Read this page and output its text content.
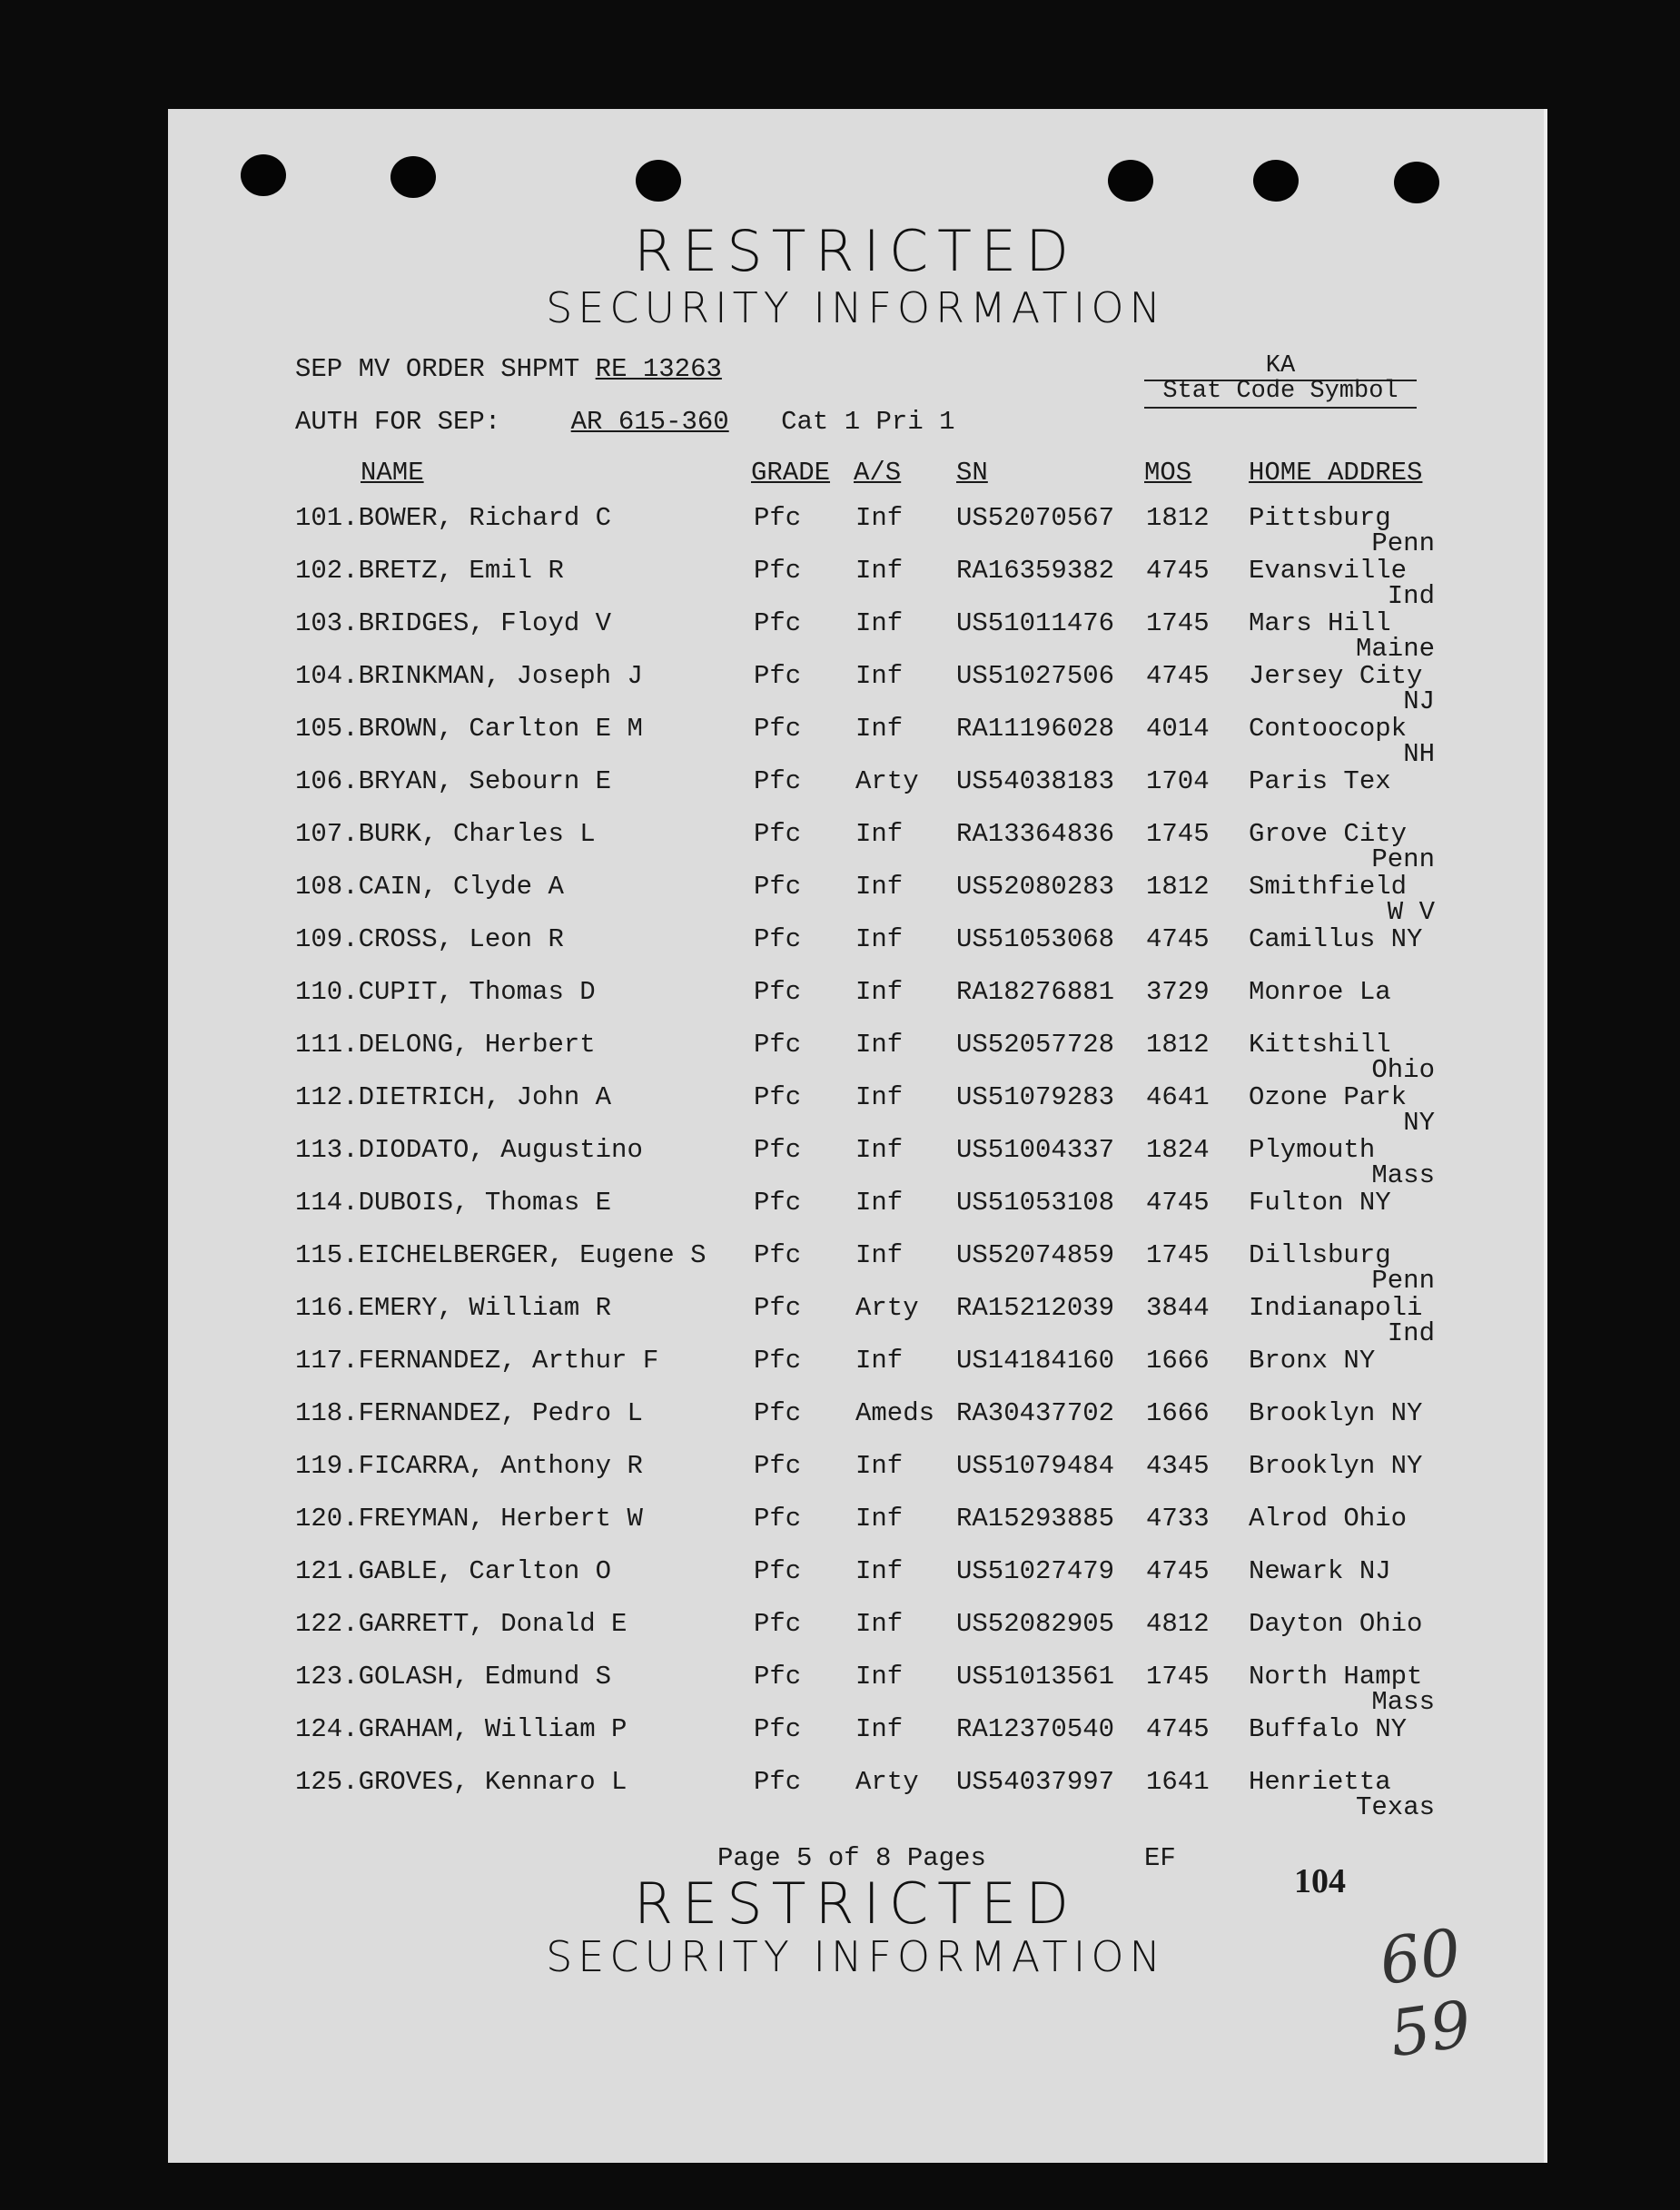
RESTRICTED
SECURITY INFORMATION
SEP MV ORDER SHPMT RE 13263
AUTH FOR SEP:	AR 615-360 Cat 1 Pri 1
KA
Stat Code Symbol
NAME	GRADE A/S SN	MOS HOME ADDRES
101.BOWER, Richard C	Pfc Inf US52070567 1812 Pittsburg
Penn
102.BRETZ, Emil R	Pfc Inf RA16359382 4745 Evansville
Ind
103.BRIDGES, Floyd V	Pfc Inf US51011476 1745 Mars Hill
Maine
104.BRINKMAN, Joseph J	Pfc Inf US51027506 4745 Jersey City
NJ
105.BROWN, Carlton E M	Pfc Inf RA11196028 4014 Contoocopk
NH
106.BRYAN, Sebourn E	Pfc Arty US54038183 1704 Paris Tex
107.BURK, Charles L	Pfc Inf RA13364836 1745 Grove City
Penn
108.CAIN, Clyde A	Pfc Inf US52080283 1812 Smithfield
W V
109.CROSS, Leon R	Pfc Inf US51053068 4745 Camillus NY
110.CUPIT, Thomas D	Pfc Inf RA18276881 3729 Monroe La
111.DELONG, Herbert	Pfc Inf US52057728 1812 Kittshill
Ohio
112.DIETRICH, John A	Pfc Inf US51079283 4641 Ozone Park
NY
113.DIODATO, Augustino	Pfc Inf US51004337 1824 Plymouth
Mass
114.DUBOIS, Thomas E	Pfc Inf US51053108 4745 Fulton NY
115.EICHELBERGER, Eugene S Pfc Inf US52074859 1745 Dillsburg
Penn
116.EMERY, William R	Pfc Arty RA15212039 3844 Indianapoli
Ind
117.FERNANDEZ, Arthur F	Pfc Inf US14184160 1666 Bronx NY
118.FERNANDEZ, Pedro L	Pfc Ameds RA30437702 1666 Brooklyn NY
119.FICARRA, Anthony R	Pfc Inf US51079484 4345 Brooklyn NY
120.FREYMAN, Herbert W	Pfc Inf RA15293885 4733 Alrod Ohio
121.GABLE, Carlton O	Pfc Inf US51027479 4745 Newark NJ
122.GARRETT, Donald E	Pfc Inf US52082905 4812 Dayton Ohio
123.GOLASH, Edmund S	Pfc Inf US51013561 1745 North Hampt
Mass
124.GRAHAM, William P	Pfc Inf RA12370540 4745 Buffalo NY
125.GROVES, Kennaro L	Pfc Arty US54037997 1641 Henrietta
Texas
RESTRICTED
SECURITY INFORMATION
Page 5 of 8 Pages	EF
104
60
59
